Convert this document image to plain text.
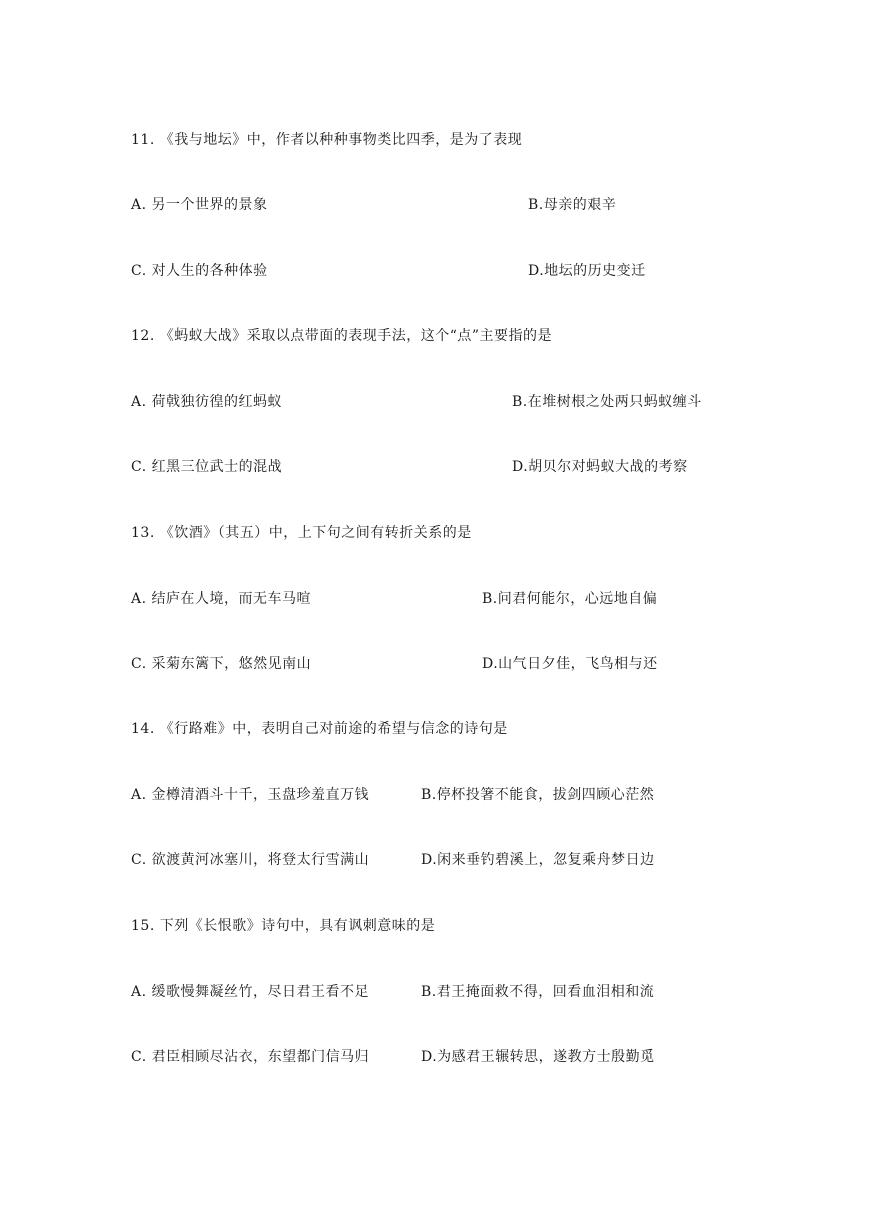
11. 《我与地坛》中，作者以种种事物类比四季，是为了表现
A. 另一个世界的景象	B.母亲的艰辛
C. 对人生的各种体验	D.地坛的历史变迁
12. 《蚂蚁大战》采取以点带面的表现手法，这个“点”主要指的是
A. 荷戟独彷徨的红蚂蚁	B.在堆树根之处两只蚂蚁缠斗
C. 红黑三位武士的混战	D.胡贝尔对蚂蚁大战的考察
13. 《饮酒》（其五）中，上下句之间有转折关系的是
A. 结庐在人境，而无车马喧	B.问君何能尔，心远地自偏
C. 采菊东篱下，悠然见南山	D.山气日夕佳，飞鸟相与还
14. 《行路难》中，表明自己对前途的希望与信念的诗句是
A. 金樽清酒斗十千，玉盘珍羞直万钱	B.停杯投箸不能食，拔剑四顾心茫然
C. 欲渡黄河冰塞川，将登太行雪满山	D.闲来垂钓碧溪上，忽复乘舟梦日边
15. 下列《长恨歌》诗句中，具有讽刺意味的是
A. 缓歌慢舞凝丝竹，尽日君王看不足	B.君王掩面救不得，回看血泪相和流
C. 君臣相顾尽沾衣，东望都门信马归	D.为感君王辗转思，遂教方士殷勤觅
